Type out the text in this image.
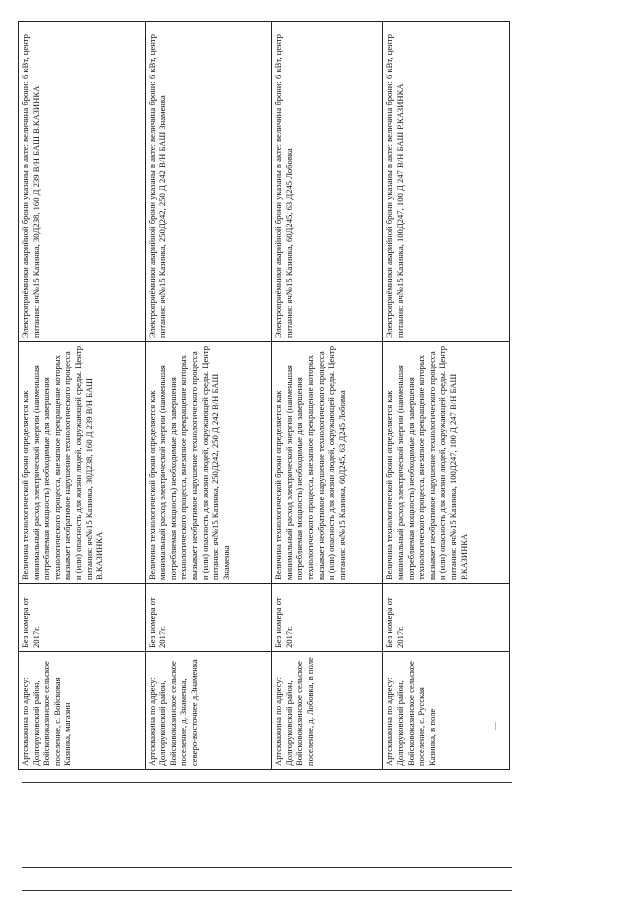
Артскважина по адресу: Долгоруковский район, Войсковоказинское сельское поселение, с. Войсковая Казинка, магазин	Без номера от 2017г.	Величина технологической брони определяется как минимальный расход электрической энергии (наименьшая потребляемая мощность) необходимые для завершения технологического процесса, внезапное прекращение которых вызывает необратимое нарушение технологического процесса и (или) опасность для жизни людей, окружающей среды. Центр питания: яч№15 Казинка, 30Д238, 160 Д 239 В/Н БАШ В.КАЗИНКА	Электроприёмники аварийной брони указаны в акте: величина брони: 6 кВт, центр питания: яч№15 Казинка, 30Д238, 160 Д 239 В/Н БАШ В.КАЗИНКА

Артскважина по адресу: Долгоруковский район, Войсковоказинское сельское поселение, д. Знаменка, северо-восточнее д.Знаменка	Без номера от 2017г.	Величина технологической брони определяется как минимальный расход электрической энергии (наименьшая потребляемая мощность) необходимые для завершения технологического процесса, внезапное прекращение которых вызывает необратимое нарушение технологического процесса и (или) опасность для жизни людей, окружающей среды. Центр питания: яч№15 Казинка, 250Д242, 250 Д 242 В/Н БАШ Знаменка	Электроприёмники аварийной брони указаны в акте: величина брони: 6 кВт, центр питания: яч№15 Казинка, 250Д242, 250 Д 242 В/Н БАШ Знаменка

Артскважина по адресу: Долгоруковский район, Войсковоказинское сельское поселение, д. Лобовка, в поле	Без номера от 2017г.	Величина технологической брони определяется как минимальный расход электрической энергии (наименьшая потребляемая мощность) необходимые для завершения технологического процесса, внезапное прекращение которых вызывает необратимое нарушение технологического процесса и (или) опасность для жизни людей, окружающей среды. Центр питания: яч№15 Казинка, 60Д245, 63 Д245 Лобовка	Электроприёмники аварийной брони указаны в акте: величина брони: 6 кВт, центр питания: яч№15 Казинка, 60Д245, 63 Д245 Лобовка

Артскважина по адресу: Долгоруковский район, Войсковоказинское сельское поселение, с. Русская Казинка, в поле	Без номера от 2017г.	Величина технологической брони определяется как минимальный расход электрической энергии (наименьшая потребляемая мощность) необходимые для завершения технологического процесса, внезапное прекращение которых вызывает необратимое нарушение технологического процесса и (или) опасность для жизни людей, окружающей среды. Центр питания: яч№15 Казинка, 100Д247, 100 Д 247 В/Н БАШ Р.КАЗИНКА	Электроприёмники аварийной брони указаны в акте: величина брони: 6 кВт, центр питания: яч№15 Казинка, 100Д247, 100 Д 247 В/Н БАШ Р.КАЗИНКА
